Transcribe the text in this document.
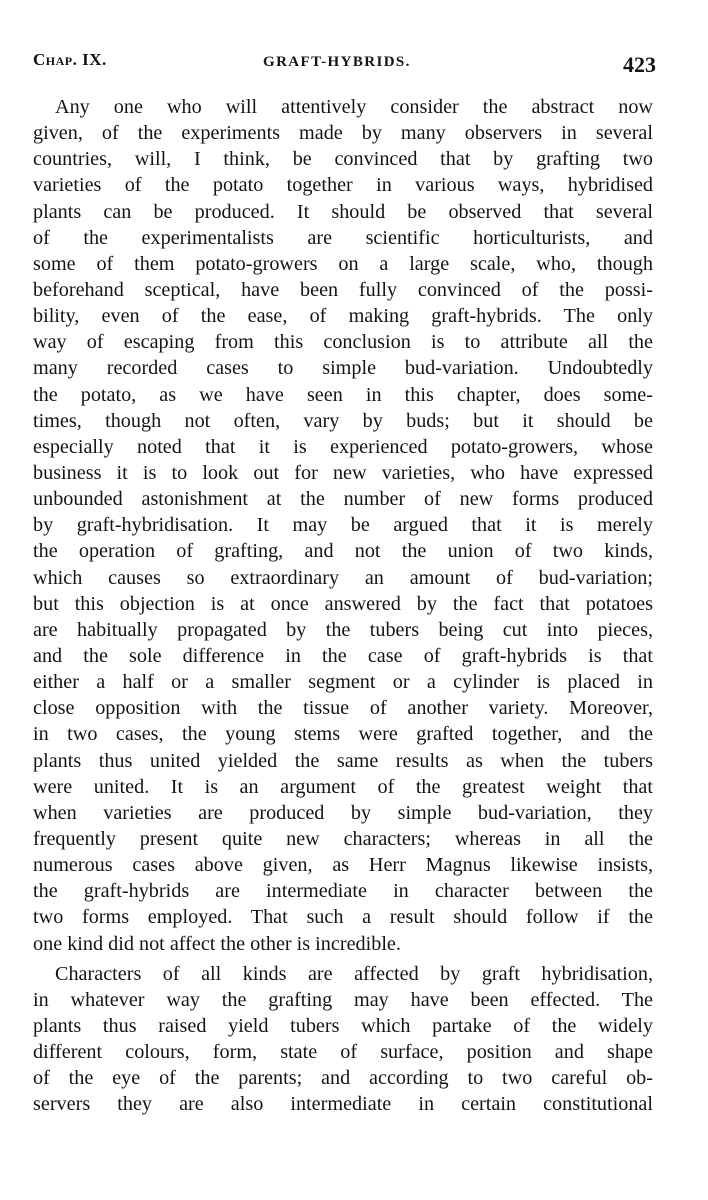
Chap. IX.	GRAFT-HYBRIDS.	423
Any one who will attentively consider the abstract now
given, of the experiments made by many observers in several
countries, will, I think, be convinced that by grafting two
varieties of the potato together in various ways, hybridised
plants can be produced. It should be observed that several
of the experimentalists are scientific horticulturists, and
some of them potato-growers on a large scale, who, though
beforehand sceptical, have been fully convinced of the possi-
bility, even of the ease, of making graft-hybrids. The only
way of escaping from this conclusion is to attribute all the
many recorded cases to simple bud-variation. Undoubtedly
the potato, as we have seen in this chapter, does some-
times, though not often, vary by buds; but it should be
especially noted that it is experienced potato-growers, whose
business it is to look out for new varieties, who have expressed
unbounded astonishment at the number of new forms produced
by graft-hybridisation. It may be argued that it is merely
the operation of grafting, and not the union of two kinds,
which causes so extraordinary an amount of bud-variation;
but this objection is at once answered by the fact that potatoes
are habitually propagated by the tubers being cut into pieces,
and the sole difference in the case of graft-hybrids is that
either a half or a smaller segment or a cylinder is placed in
close opposition with the tissue of another variety. Moreover,
in two cases, the young stems were grafted together, and the
plants thus united yielded the same results as when the tubers
were united. It is an argument of the greatest weight that
when varieties are produced by simple bud-variation, they
frequently present quite new characters; whereas in all the
numerous cases above given, as Herr Magnus likewise insists,
the graft-hybrids are intermediate in character between the
two forms employed. That such a result should follow if the
one kind did not affect the other is incredible.
Characters of all kinds are affected by graft hybridisation,
in whatever way the grafting may have been effected. The
plants thus raised yield tubers which partake of the widely
different colours, form, state of surface, position and shape
of the eye of the parents; and according to two careful ob-
servers they are also intermediate in certain constitutional
